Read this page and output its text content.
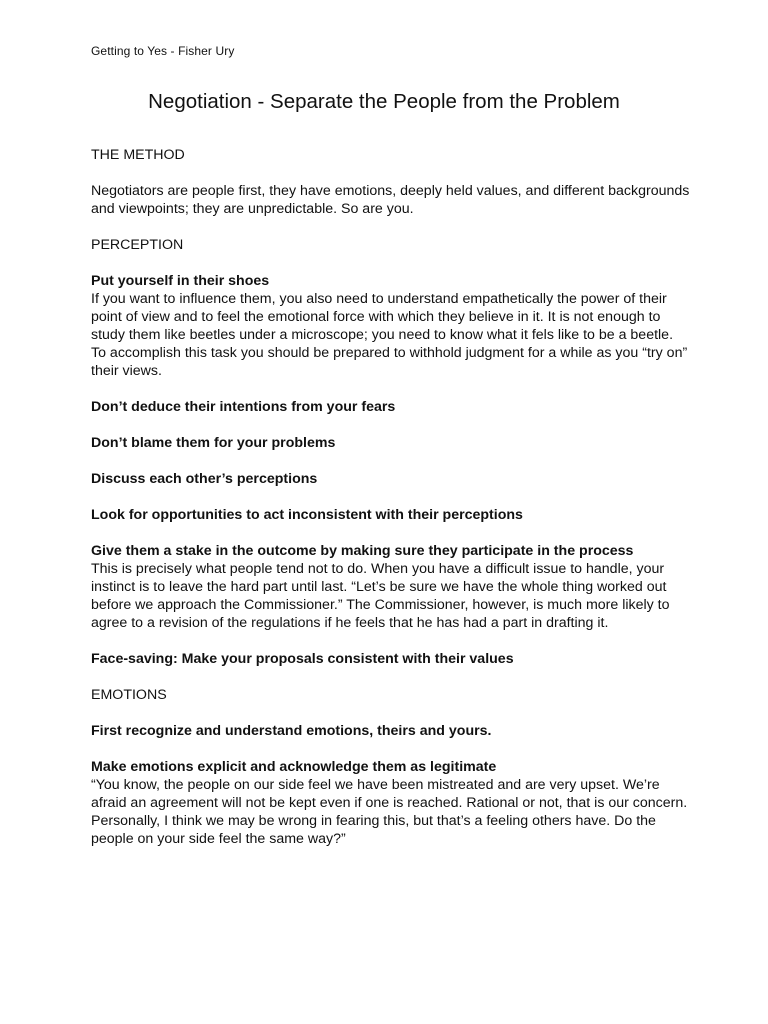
Getting to Yes - Fisher Ury
Negotiation - Separate the People from the Problem

THE METHOD

Negotiators are people first, they have emotions, deeply held values, and different backgrounds and viewpoints; they are unpredictable. So are you.

PERCEPTION

Put yourself in their shoes

If you want to influence them, you also need to understand empathetically the power of their point of view and to feel the emotional force with which they believe in it. It is not enough to study them like beetles under a microscope; you need to know what it fels like to be a beetle. To accomplish this task you should be prepared to withhold judgment for a while as you “try on” their views.

Don’t deduce their intentions from your fears

Don’t blame them for your problems

Discuss each other’s perceptions

Look for opportunities to act inconsistent with their perceptions

Give them a stake in the outcome by making sure they participate in the process

This is precisely what people tend not to do. When you have a difficult issue to handle, your instinct is to leave the hard part until last. “Let’s be sure we have the whole thing worked out before we approach the Commissioner.” The Commissioner, however, is much more likely to agree to a revision of the regulations if he feels that he has had a part in drafting it.

Face-saving: Make your proposals consistent with their values

EMOTIONS

First recognize and understand emotions, theirs and yours.

Make emotions explicit and acknowledge them as legitimate

“You know, the people on our side feel we have been mistreated and are very upset. We’re afraid an agreement will not be kept even if one is reached. Rational or not, that is our concern. Personally, I think we may be wrong in fearing this, but that’s a feeling others have. Do the people on your side feel the same way?”
